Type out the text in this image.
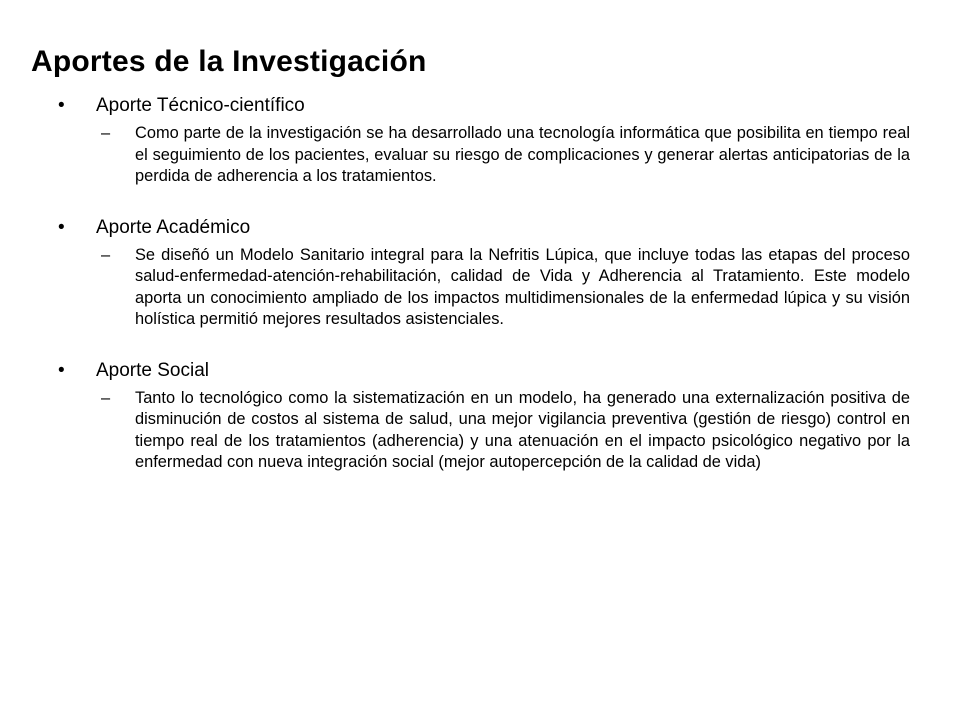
Aportes de la Investigación
• Aporte Técnico-científico
– Como parte de la investigación se ha desarrollado una tecnología informática que posibilita en tiempo real el seguimiento de los pacientes, evaluar su riesgo de complicaciones y generar alertas anticipatorias de la perdida de adherencia a los tratamientos.
• Aporte Académico
– Se diseñó un Modelo Sanitario integral para la Nefritis Lúpica, que incluye todas las etapas del proceso salud-enfermedad-atención-rehabilitación, calidad de Vida y Adherencia al Tratamiento. Este modelo aporta un conocimiento ampliado de los impactos multidimensionales de la enfermedad lúpica y su visión holística permitió mejores resultados asistenciales.
• Aporte Social
– Tanto lo tecnológico como la sistematización en un modelo, ha generado una externalización positiva de disminución de costos al sistema de salud, una mejor vigilancia preventiva (gestión de riesgo) control en tiempo real de los tratamientos (adherencia) y una atenuación en el impacto psicológico negativo por la enfermedad con nueva integración social (mejor autopercepción de la calidad de vida)
